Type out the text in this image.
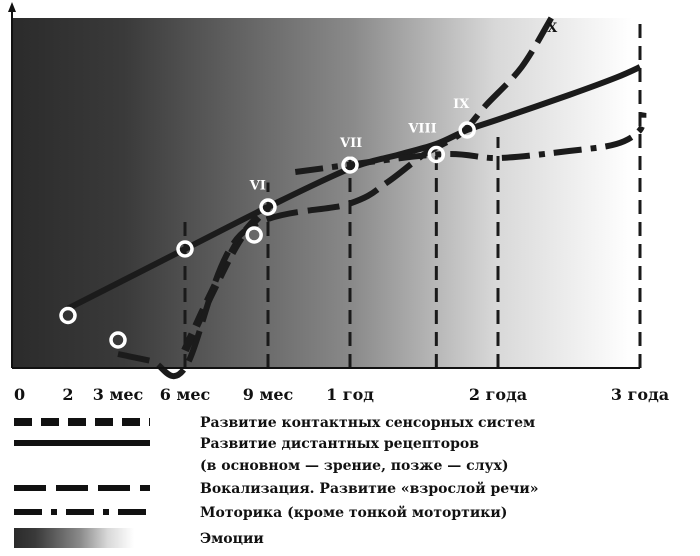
VII
VIII
IX
VI
X
0 2 3 мес 6 мес 9 мес 1 год	2 года	3 года
Развитие контактных сенсорных систем
Развитие дистантных рецепторов
(в основном — зрение, позже — слух)
Вокализация. Развитие «взрослой речи»
Моторика (кроме тонкой мотортики)
Эмоции
